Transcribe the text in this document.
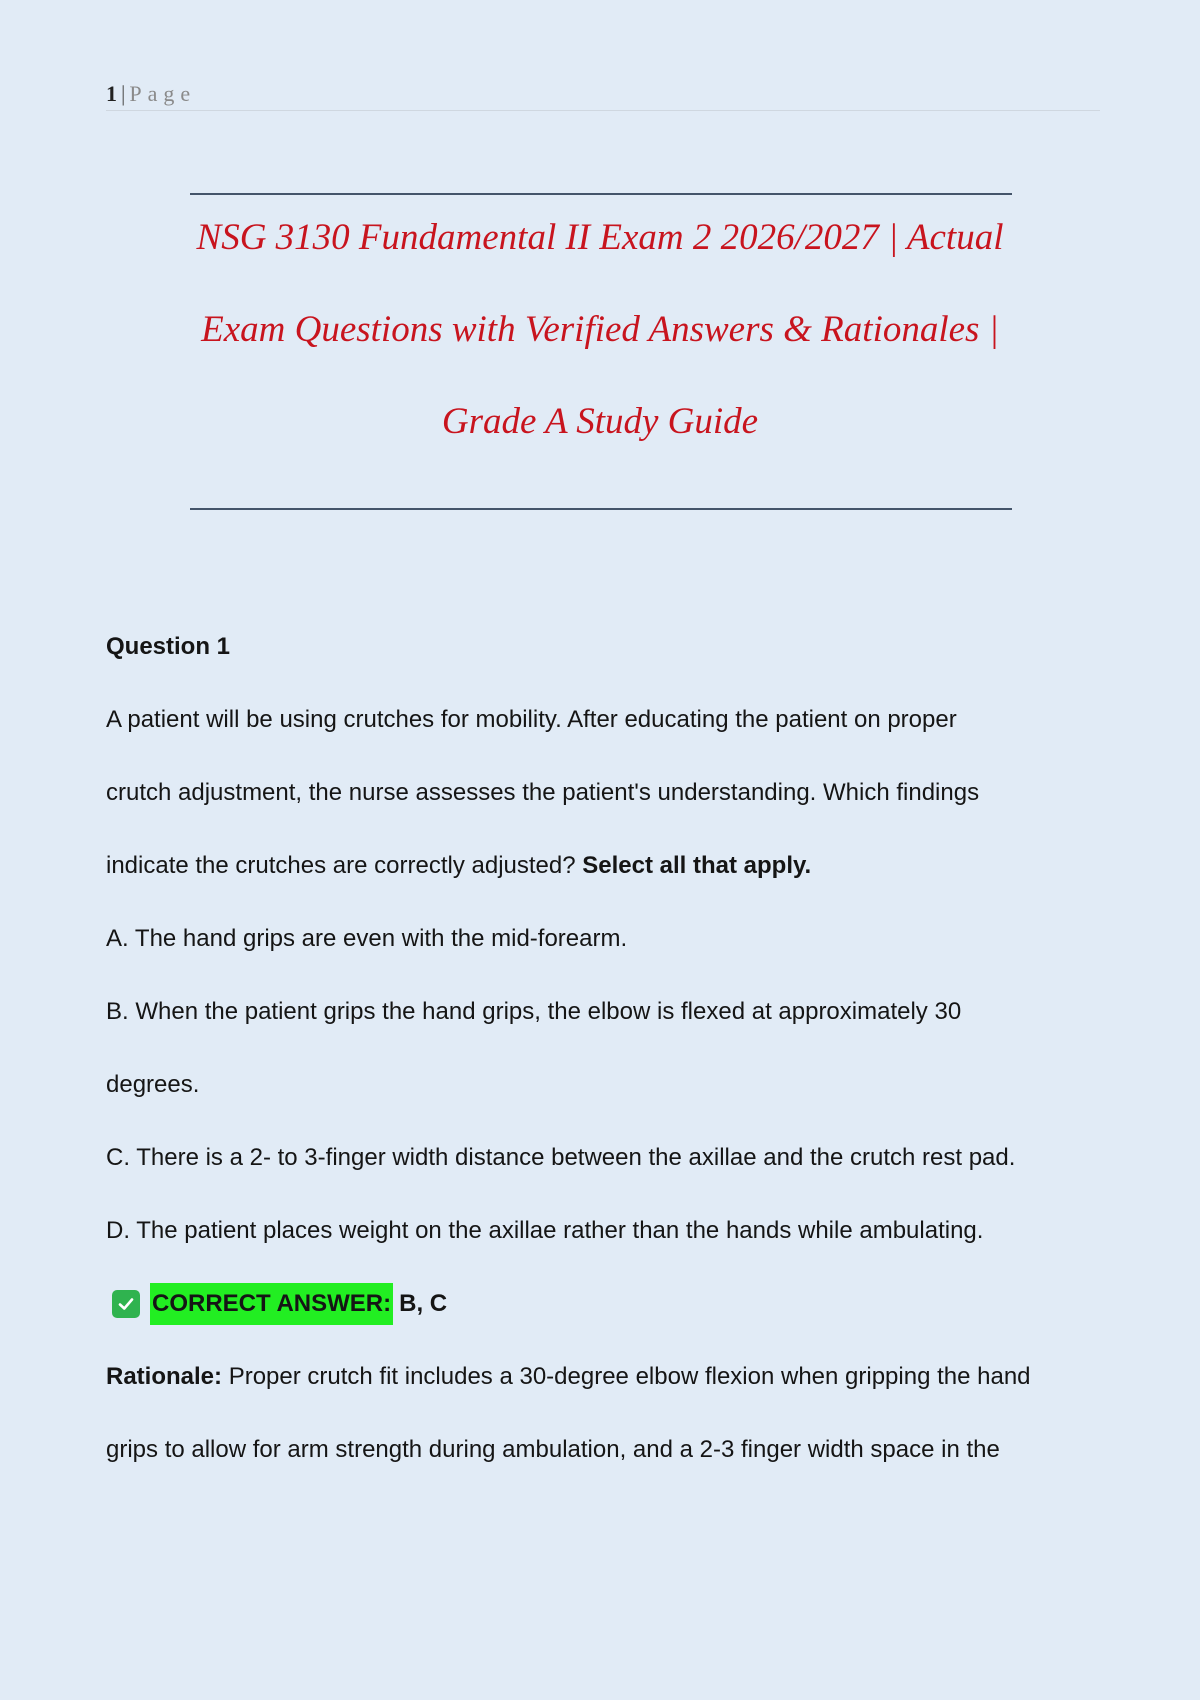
1 | Page
NSG 3130 Fundamental II Exam 2 2026/2027 | Actual
Exam Questions with Verified Answers & Rationales |
Grade A Study Guide

Question 1

A patient will be using crutches for mobility. After educating the patient on proper

crutch adjustment, the nurse assesses the patient's understanding. Which findings

indicate the crutches are correctly adjusted? Select all that apply.

A. The hand grips are even with the mid-forearm.

B. When the patient grips the hand grips, the elbow is flexed at approximately 30

degrees.

C. There is a 2- to 3-finger width distance between the axillae and the crutch rest pad.

D. The patient places weight on the axillae rather than the hands while ambulating.

CORRECT ANSWER: B, C

Rationale: Proper crutch fit includes a 30-degree elbow flexion when gripping the hand

grips to allow for arm strength during ambulation, and a 2-3 finger width space in the
